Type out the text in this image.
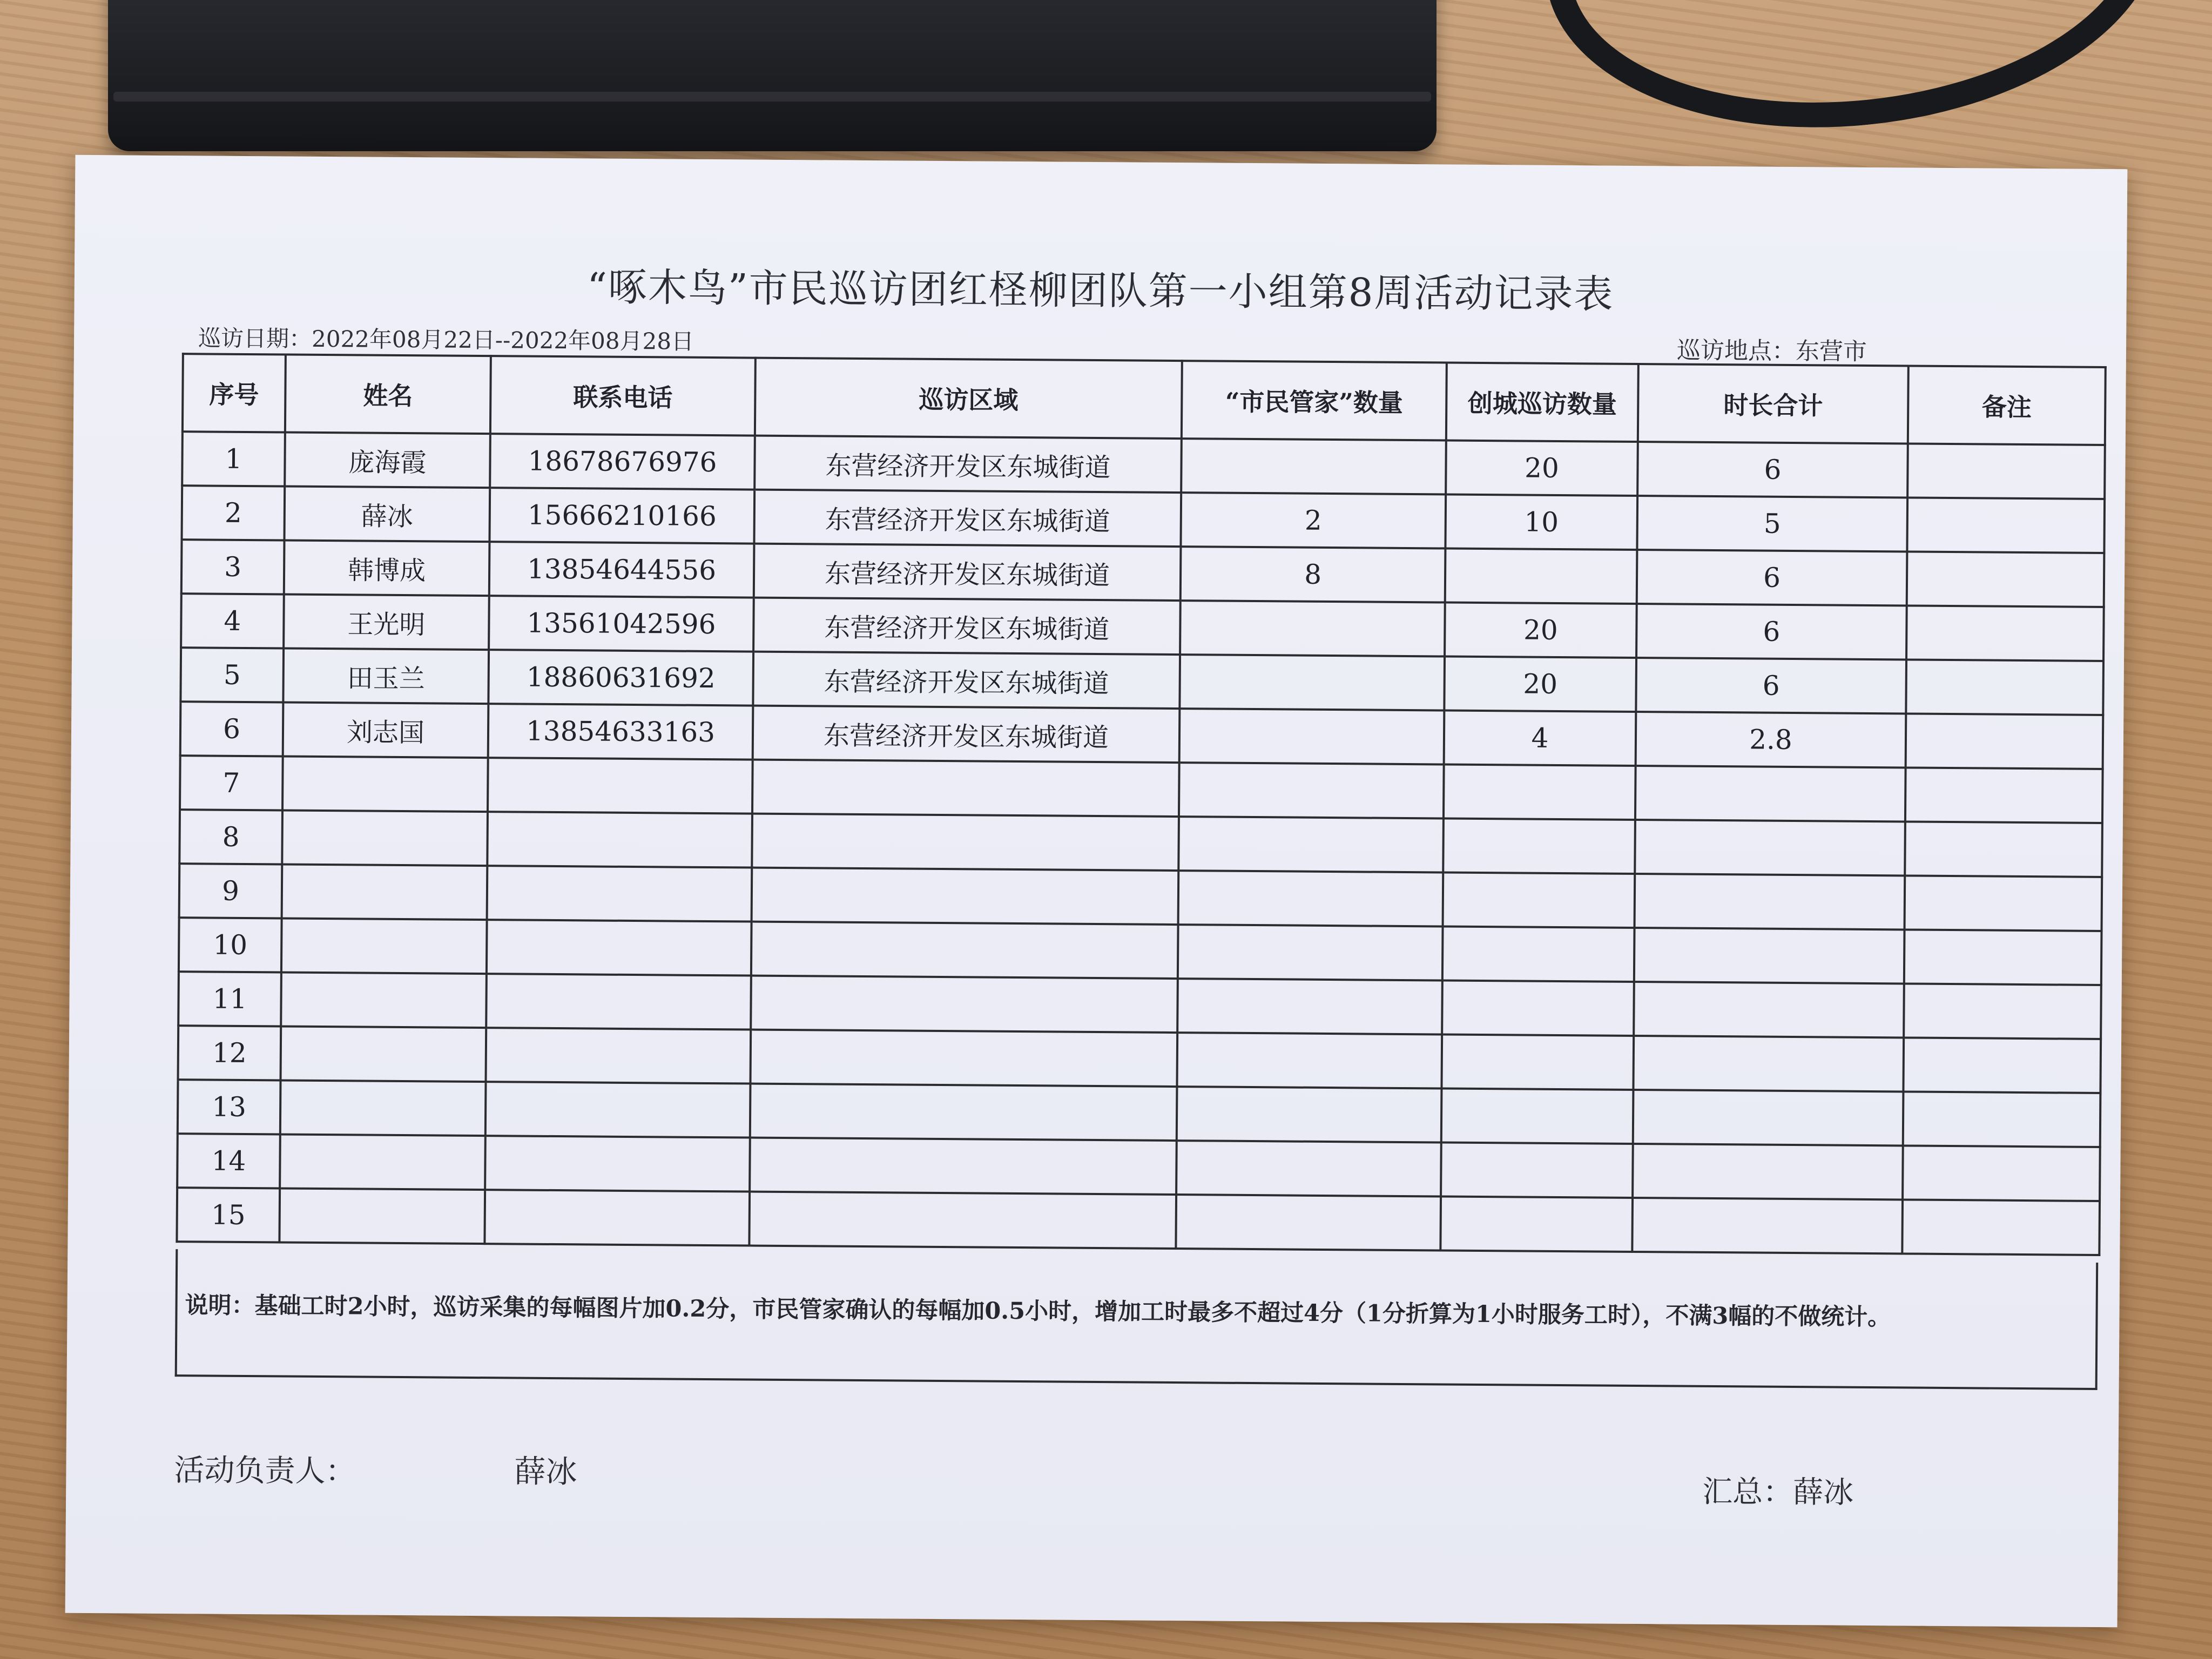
“啄木鸟”市民巡访团红柽柳团队第一小组第8周活动记录表
巡访日期：2022年08月22日--2022年08月28日	巡访地点：东营市
序号	姓名	联系电话	巡访区域	“市民管家”数量	创城巡访数量	时长合计	备注
1	庞海霞	18678676976	东营经济开发区东城街道		20	6	
2	薛冰	15666210166	东营经济开发区东城街道	2	10	5	
3	韩博成	13854644556	东营经济开发区东城街道	8		6	
4	王光明	13561042596	东营经济开发区东城街道		20	6	
5	田玉兰	18860631692	东营经济开发区东城街道		20	6	
6	刘志国	13854633163	东营经济开发区东城街道		4	2.8	
7							
8							
9							
10							
11							
12							
13							
14							
15							
说明：基础工时2小时，巡访采集的每幅图片加0.2分，市民管家确认的每幅加0.5小时，增加工时最多不超过4分（1分折算为1小时服务工时），不满3幅的不做统计。
活动负责人：	薛冰
汇总：薛冰
